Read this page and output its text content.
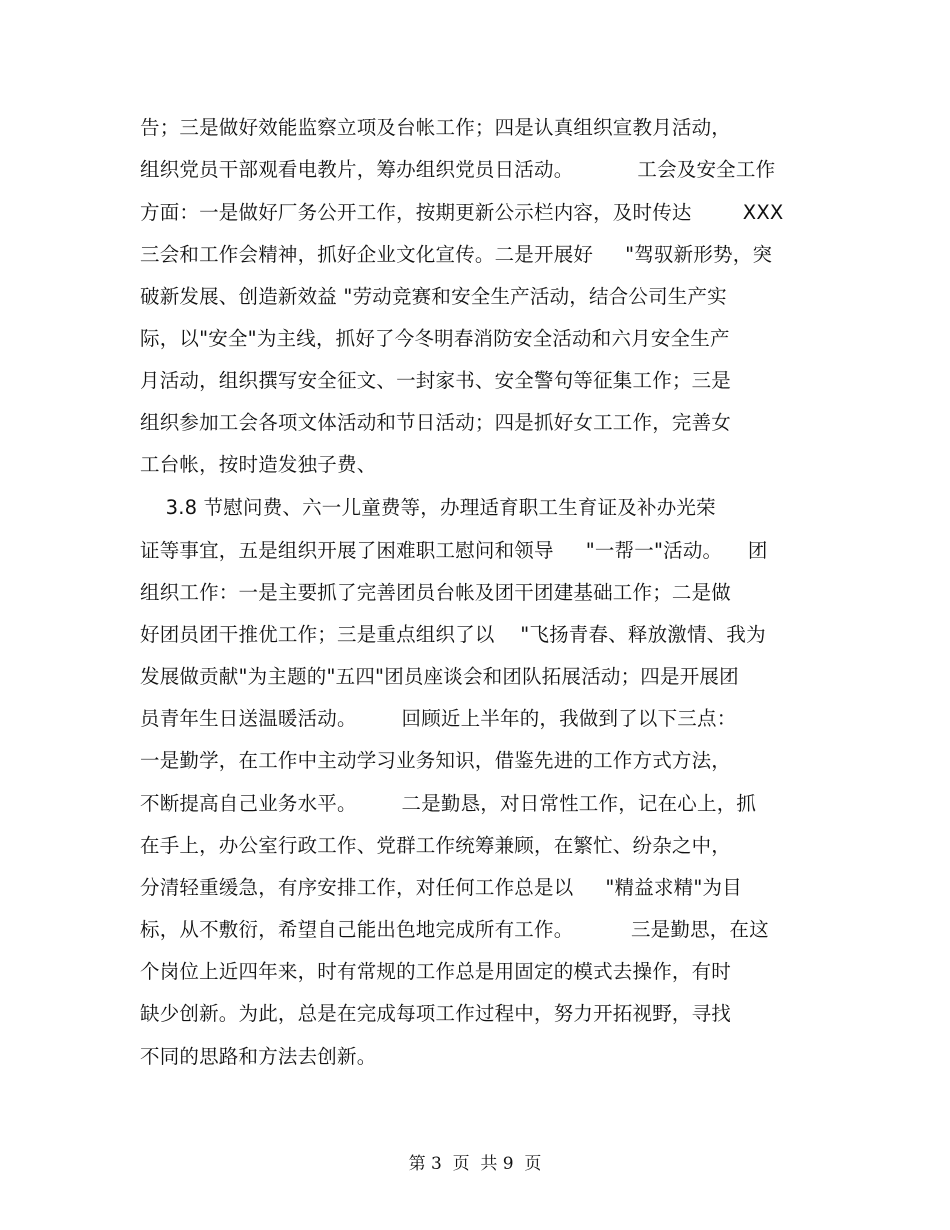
告；三是做好效能监察立项及台帐工作；四是认真组织宣教月活动，
组织党员干部观看电教片，筹办组织党员日活动。          工会及安全工作
方面：一是做好厂务公开工作，按期更新公示栏内容，及时传达        XXX
三会和工作会精神，抓好企业文化宣传。二是开展好     "驾驭新形势，突
破新发展、创造新效益 "劳动竞赛和安全生产活动，结合公司生产实
际，以"安全"为主线，抓好了今冬明春消防安全活动和六月安全生产
月活动，组织撰写安全征文、一封家书、安全警句等征集工作；三是
组织参加工会各项文体活动和节日活动；四是抓好女工工作，完善女
工台帐，按时造发独子费、
3.8 节慰问费、六一儿童费等，办理适育职工生育证及补办光荣
证等事宜，五是组织开展了困难职工慰问和领导     "一帮一"活动。    团
组织工作：一是主要抓了完善团员台帐及团干团建基础工作；二是做
好团员团干推优工作；三是重点组织了以    "飞扬青春、释放激情、我为
发展做贡献"为主题的"五四"团员座谈会和团队拓展活动；四是开展团
员青年生日送温暖活动。       回顾近上半年的，我做到了以下三点：
一是勤学，在工作中主动学习业务知识，借鉴先进的工作方式方法，
不断提高自己业务水平。       二是勤恳，对日常性工作，记在心上，抓
在手上，办公室行政工作、党群工作统筹兼顾，在繁忙、纷杂之中，
分清轻重缓急，有序安排工作，对任何工作总是以     "精益求精"为目
标，从不敷衍，希望自己能出色地完成所有工作。         三是勤思，在这
个岗位上近四年来，时有常规的工作总是用固定的模式去操作，有时
缺少创新。为此，总是在完成每项工作过程中，努力开拓视野，寻找
不同的思路和方法去创新。
第 3  页  共 9  页
